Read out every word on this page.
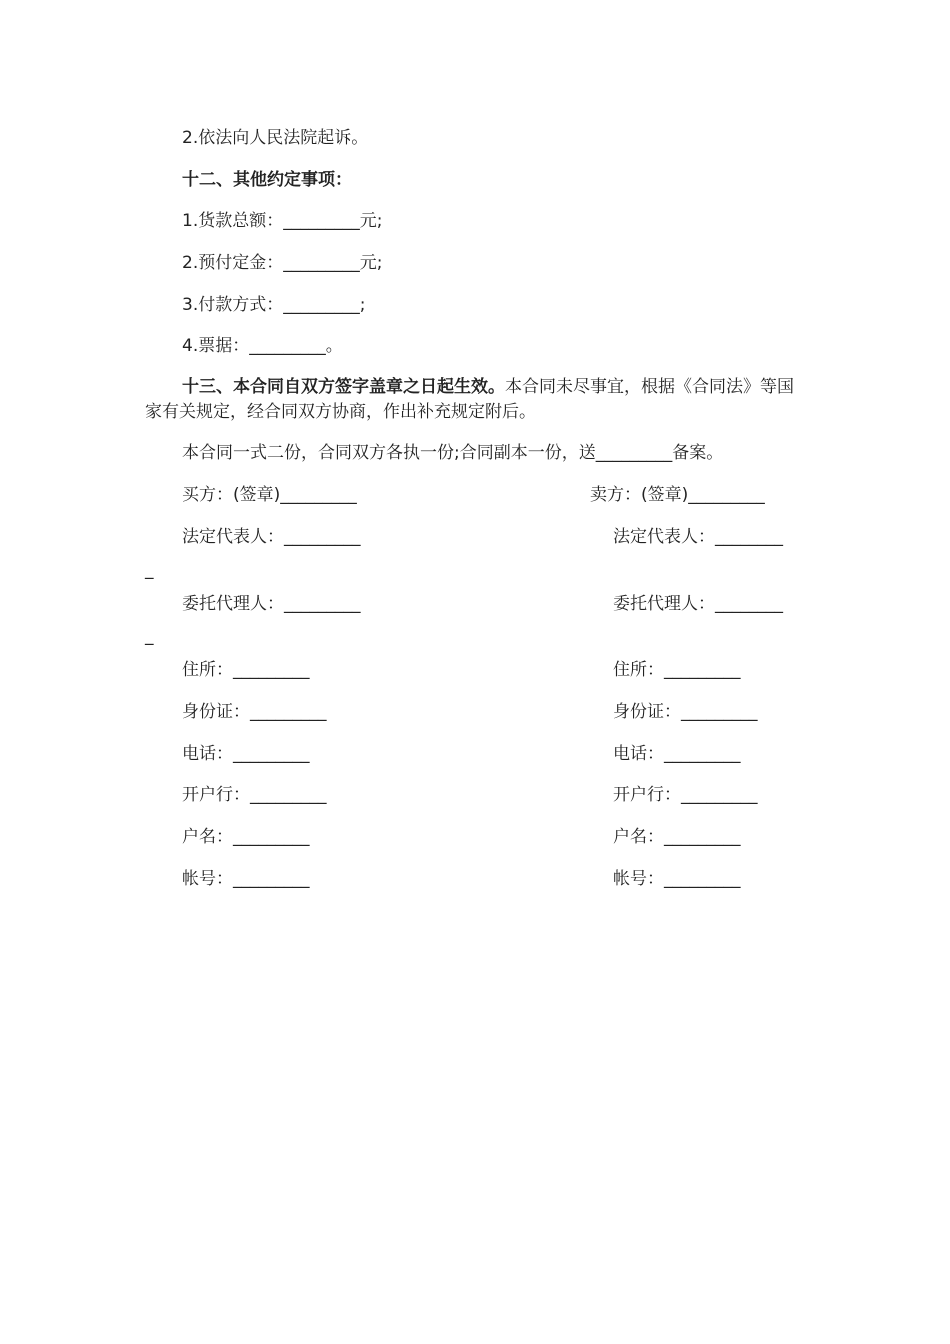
2.依法向人民法院起诉。
十二、其他约定事项：
1.货款总额：_________元;
2.预付定金：_________元;
3.付款方式：_________;
4.票据：_________。
十三、本合同自双方签字盖章之日起生效。本合同未尽事宜，根据《合同法》等国家有关规定，经合同双方协商，作出补充规定附后。
本合同一式二份，合同双方各执一份;合同副本一份，送_________备案。
买方：(签章)_________
法定代表人：_________
_
委托代理人：_________
_
住所：_________
身份证：_________
电话：_________
开户行：_________
户名：_________
帐号：_________
卖方：(签章)_________
法定代表人：________
委托代理人：________
住所：_________
身份证：_________
电话：_________
开户行：_________
户名：_________
帐号：_________
